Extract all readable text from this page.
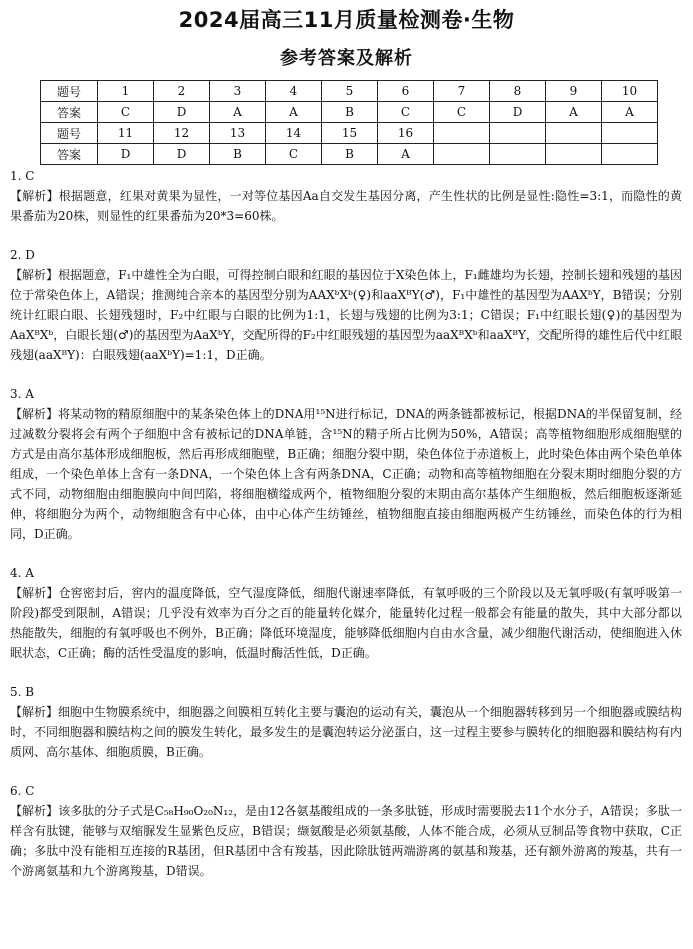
2024届高三11月质量检测卷·生物
参考答案及解析
题号	1	2	3	4	5	6	7	8	9	10
答案	C	D	A	A	B	C	C	D	A	A
题号	11	12	13	14	15	16				
答案	D	D	B	C	B	A				
1. C
【解析】根据题意，红果对黄果为显性，一对等位基因Aa自交发生基因分离，产生性状的比例是显性:隐性=3:1，而隐性的黄果番茄为20株，则显性的红果番茄为20*3=60株。
2. D
【解析】根据题意，F₁中雄性全为白眼，可得控制白眼和红眼的基因位于X染色体上，F₁雌雄均为长翅，控制长翅和残翅的基因位于常染色体上，A错误；推测纯合亲本的基因型分别为AAXᵇXᵇ(♀)和aaXᴮY(♂)，F₁中雄性的基因型为AAXᵇY，B错误；分别统计红眼白眼、长翅残翅时，F₂中红眼与白眼的比例为1:1，长翅与残翅的比例为3:1；C错误；F₁中红眼长翅(♀)的基因型为AaXᴮXᵇ，白眼长翅(♂)的基因型为AaXᵇY，交配所得的F₂中红眼残翅的基因型为aaXᴮXᵇ和aaXᴮY，交配所得的雄性后代中红眼残翅(aaXᴮY)：白眼残翅(aaXᵇY)=1:1，D正确。
3. A
【解析】将某动物的精原细胞中的某条染色体上的DNA用¹⁵N进行标记，DNA的两条链都被标记，根据DNA的半保留复制，经过减数分裂将会有两个子细胞中含有被标记的DNA单链，含¹⁵N的精子所占比例为50%，A错误；高等植物细胞形成细胞壁的方式是由高尔基体形成细胞板，然后再形成细胞壁，B正确；细胞分裂中期，染色体位于赤道板上，此时染色体由两个染色单体组成，一个染色单体上含有一条DNA，一个染色体上含有两条DNA，C正确；动物和高等植物细胞在分裂末期时细胞分裂的方式不同，动物细胞由细胞膜向中间凹陷，将细胞横缢成两个，植物细胞分裂的末期由高尔基体产生细胞板，然后细胞板逐渐延伸，将细胞分为两个，动物细胞含有中心体，由中心体产生纺锤丝，植物细胞直接由细胞两极产生纺锤丝，而染色体的行为相同，D正确。
4. A
【解析】仓窖密封后，窖内的温度降低，空气湿度降低，细胞代谢速率降低，有氧呼吸的三个阶段以及无氧呼吸(有氧呼吸第一阶段)都受到限制，A错误；几乎没有效率为百分之百的能量转化媒介，能量转化过程一般都会有能量的散失，其中大部分都以热能散失，细胞的有氧呼吸也不例外，B正确；降低环境湿度，能够降低细胞内自由水含量，减少细胞代谢活动，使细胞进入休眠状态，C正确；酶的活性受温度的影响，低温时酶活性低，D正确。
5. B
【解析】细胞中生物膜系统中，细胞器之间膜相互转化主要与囊泡的运动有关，囊泡从一个细胞器转移到另一个细胞器或膜结构时，不同细胞器和膜结构之间的膜发生转化，最多发生的是囊泡转运分泌蛋白，这一过程主要参与膜转化的细胞器和膜结构有内质网、高尔基体、细胞质膜，B正确。
6. C
【解析】该多肽的分子式是C₅₈H₉₀O₂₀N₁₂，是由12各氨基酸组成的一条多肽链，形成时需要脱去11个水分子，A错误；多肽一样含有肽键，能够与双缩脲发生显紫色反应，B错误；缬氨酸是必须氨基酸，人体不能合成，必须从豆制品等食物中获取，C正确；多肽中没有能相互连接的R基团，但R基团中含有羧基，因此除肽链两端游离的氨基和羧基，还有额外游离的羧基，共有一个游离氨基和九个游离羧基，D错误。
